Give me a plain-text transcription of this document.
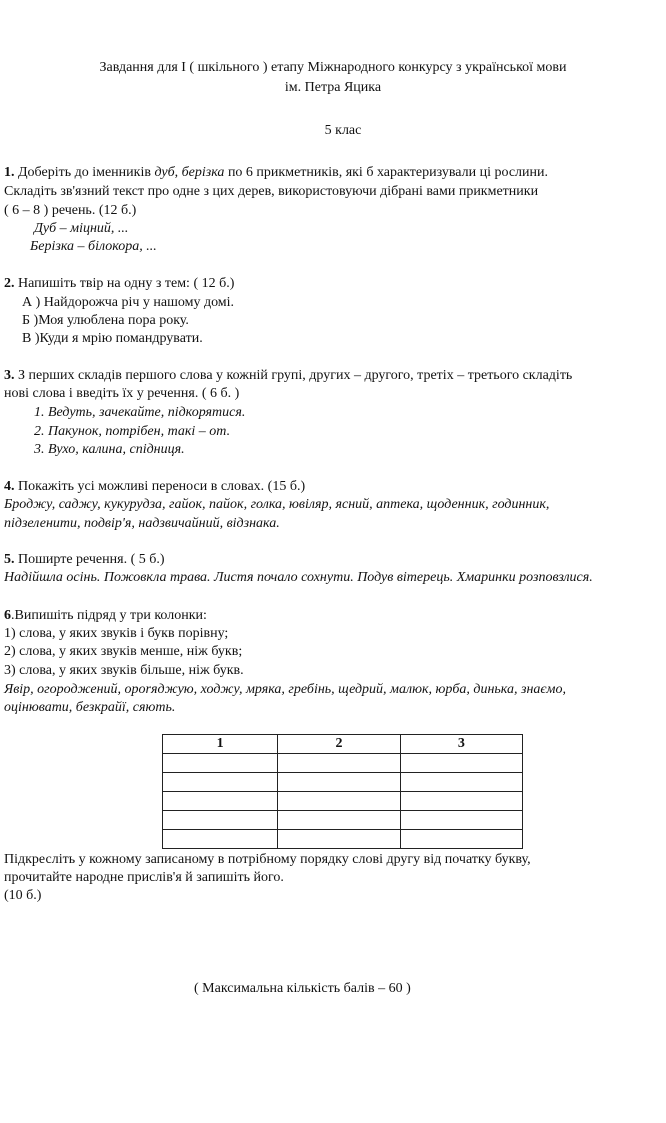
Завдання для І ( шкільного ) етапу Міжнародного конкурсу з української мови
ім. Петра Яцика
5 клас
1. Доберіть до іменників дуб, берізка по 6 прикметників, які б характеризували ці рослини.
Складіть зв'язний текст про одне з цих дерев, використовуючи дібрані вами прикметники
( 6 – 8 ) речень. (12 б.)
Дуб – міцний, ...
Берізка – білокора, ...
2. Напишіть твір на одну з тем: ( 12 б.)
А ) Найдорожча річ у нашому домі.
Б )Моя улюблена пора року.
В )Куди я мрію помандрувати.
3. З перших складів першого слова у кожній групі, других – другого, третіх – третього складіть
нові слова і введіть їх у речення. ( 6 б. )
1. Ведуть, зачекайте, підкорятися.
2. Пакунок, потрібен, такі – от.
3. Вухо, калина, спідниця.
4. Покажіть усі можливі переноси в словах. (15 б.)
Броджу, саджу, кукурудза, гайок, пайок, голка, ювіляр, ясний, аптека, щоденник, годинник,
підзеленити, подвір'я, надзвичайний, відзнака.
5. Поширте речення. ( 5 б.)
Надійшла осінь. Пожовкла трава. Листя почало сохнути. Подув вітерець. Хмаринки розповзлися.
6.Випишіть підряд у три колонки:
1) слова, у яких звуків і букв порівну;
2) слова, у яких звуків менше, ніж букв;
3) слова, у яких звуків більше, ніж букв.
Явір, огороджений, оporяджую, ходжу, мряка, гребінь, щедрий, малюк, юрба, динька, знаємо,
оцінювати, безкрайї, сяють.
1	2	3

Підкресліть у кожному записаному в потрібному порядку слові другу від початку букву,
прочитайте народне прислів'я й запишіть його.
(10 б.)
( Максимальна кількість балів – 60 )
